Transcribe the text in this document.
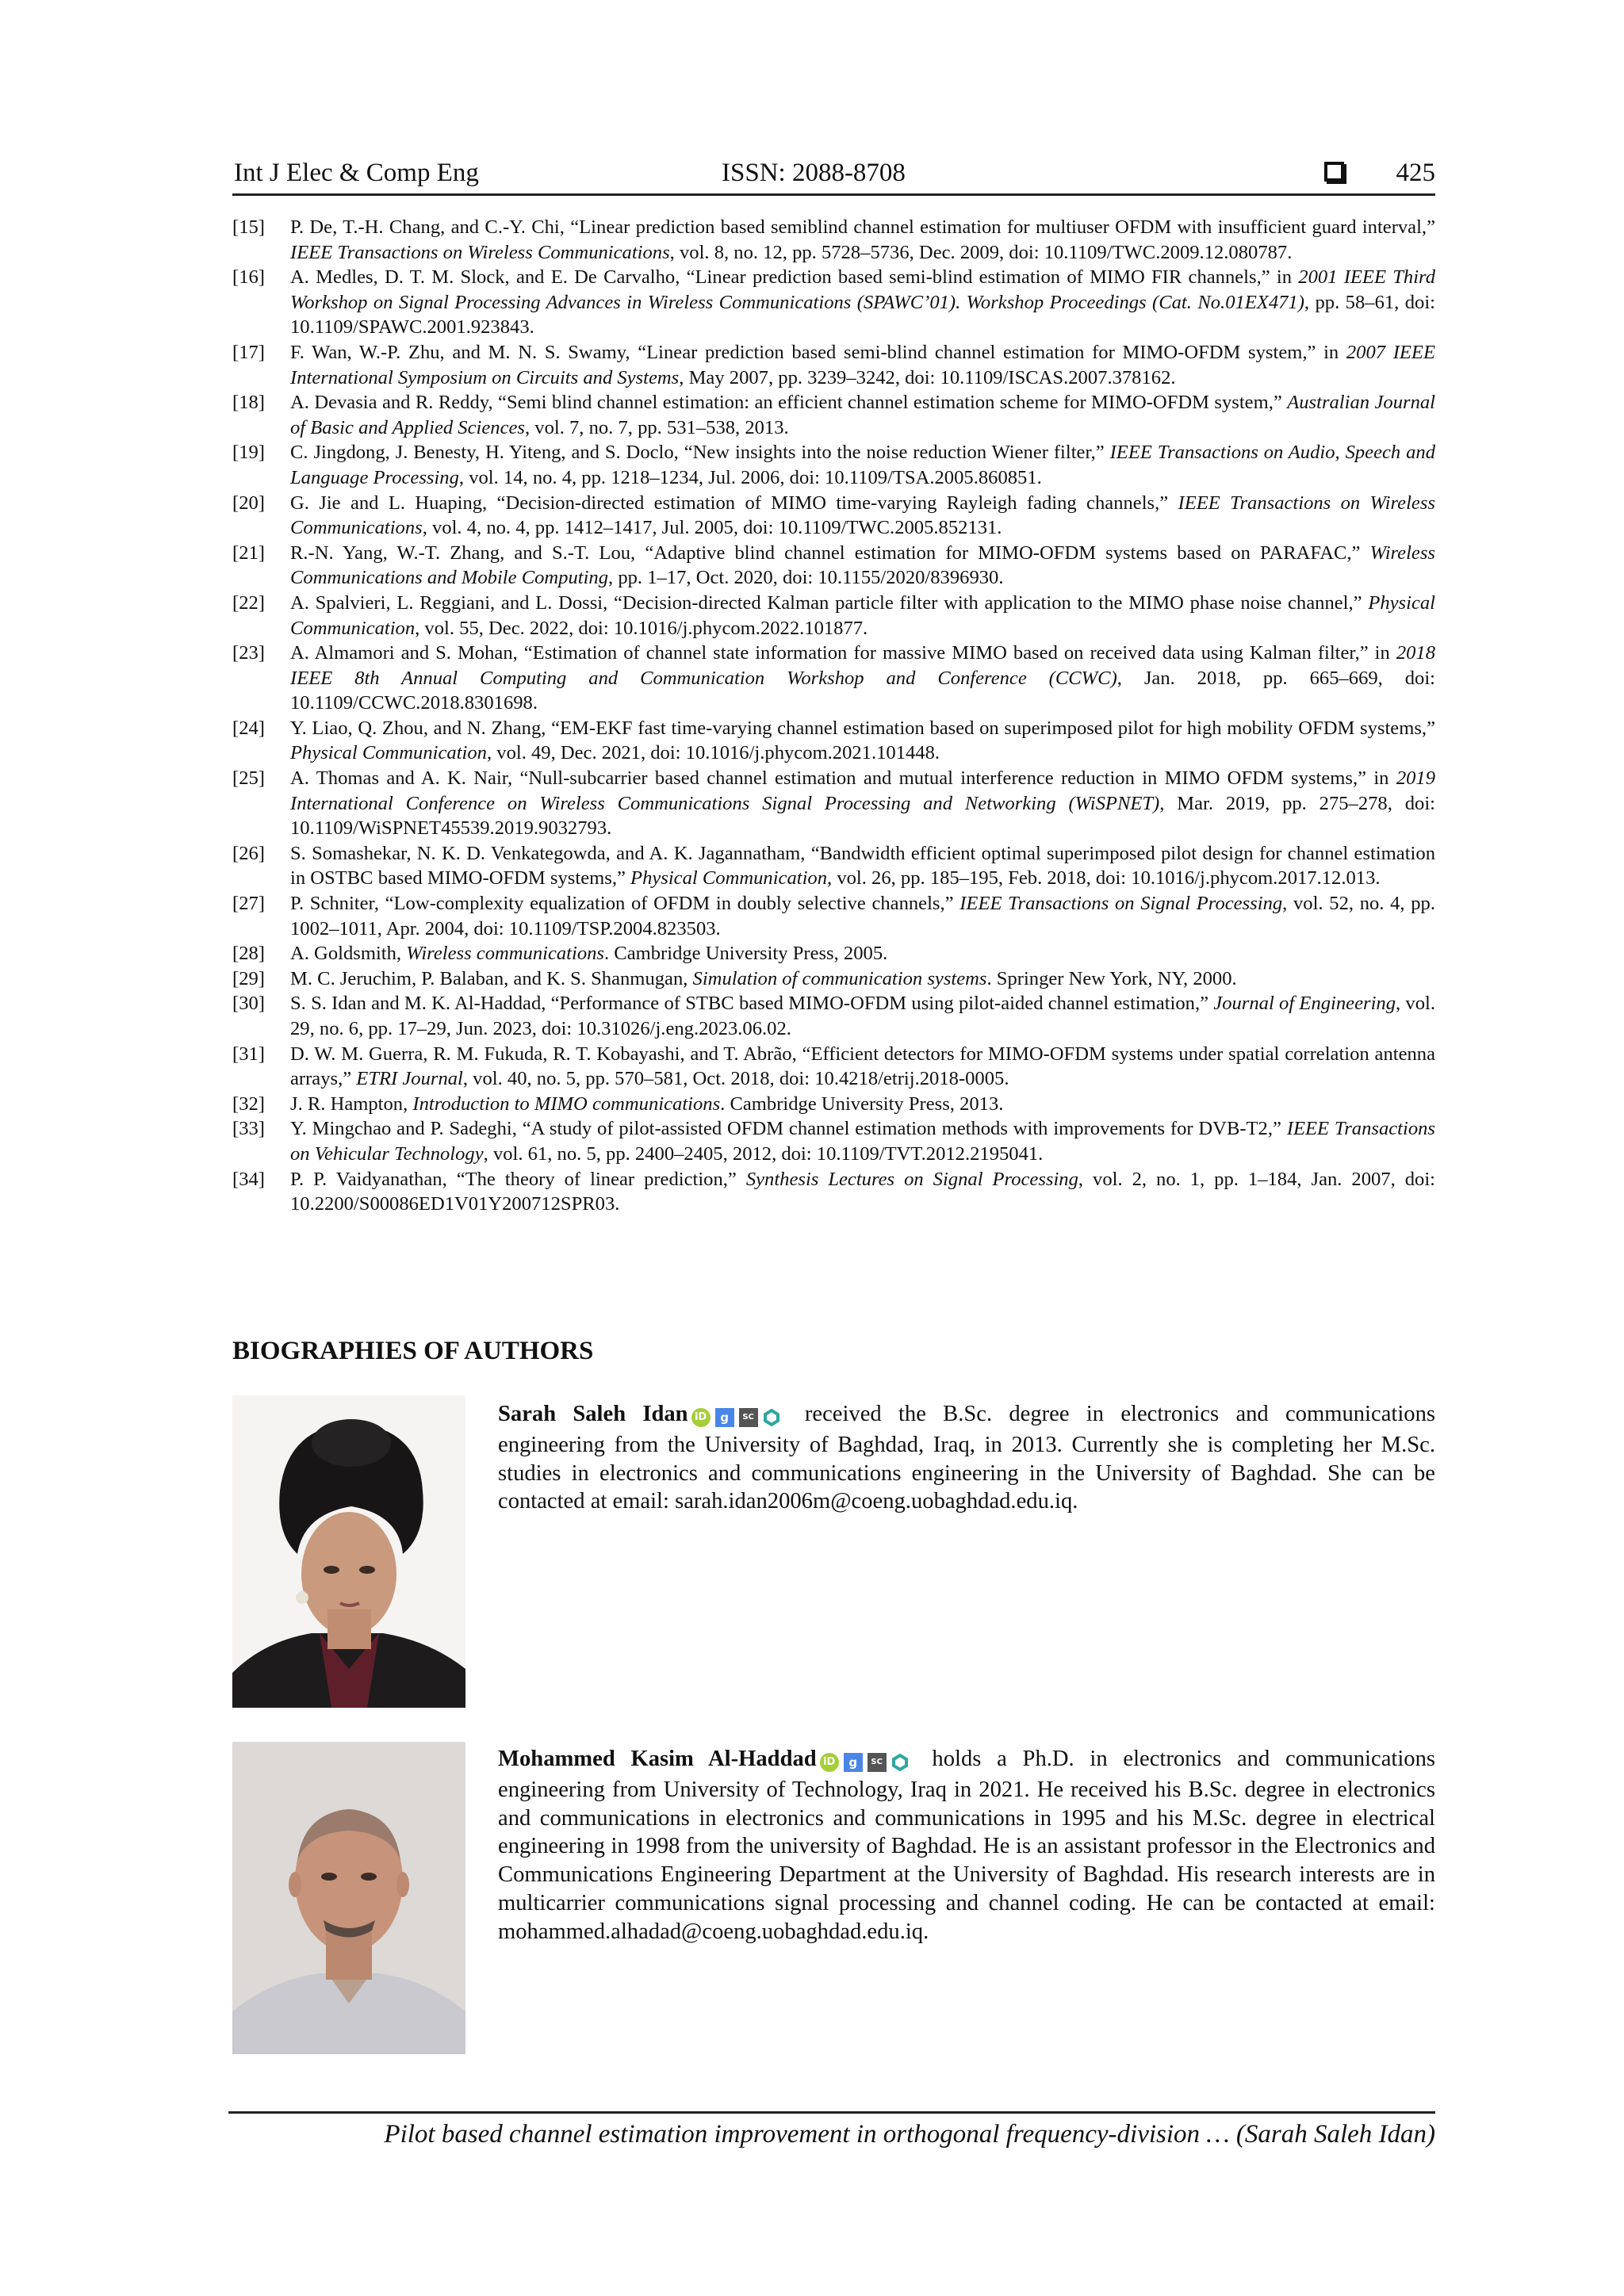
Int J Elec & Comp Eng	ISSN: 2088-8708	425
[15]	P. De, T.-H. Chang, and C.-Y. Chi, “Linear prediction based semiblind channel estimation for multiuser OFDM with insufficient guard interval,” IEEE Transactions on Wireless Communications, vol. 8, no. 12, pp. 5728–5736, Dec. 2009, doi: 10.1109/TWC.2009.12.080787.
[16]	A. Medles, D. T. M. Slock, and E. De Carvalho, “Linear prediction based semi-blind estimation of MIMO FIR channels,” in 2001 IEEE Third Workshop on Signal Processing Advances in Wireless Communications (SPAWC’01). Workshop Proceedings (Cat. No.01EX471), pp. 58–61, doi: 10.1109/SPAWC.2001.923843.
[17]	F. Wan, W.-P. Zhu, and M. N. S. Swamy, “Linear prediction based semi-blind channel estimation for MIMO-OFDM system,” in 2007 IEEE International Symposium on Circuits and Systems, May 2007, pp. 3239–3242, doi: 10.1109/ISCAS.2007.378162.
[18]	A. Devasia and R. Reddy, “Semi blind channel estimation: an efficient channel estimation scheme for MIMO-OFDM system,” Australian Journal of Basic and Applied Sciences, vol. 7, no. 7, pp. 531–538, 2013.
[19]	C. Jingdong, J. Benesty, H. Yiteng, and S. Doclo, “New insights into the noise reduction Wiener filter,” IEEE Transactions on Audio, Speech and Language Processing, vol. 14, no. 4, pp. 1218–1234, Jul. 2006, doi: 10.1109/TSA.2005.860851.
[20]	G. Jie and L. Huaping, “Decision-directed estimation of MIMO time-varying Rayleigh fading channels,” IEEE Transactions on Wireless Communications, vol. 4, no. 4, pp. 1412–1417, Jul. 2005, doi: 10.1109/TWC.2005.852131.
[21]	R.-N. Yang, W.-T. Zhang, and S.-T. Lou, “Adaptive blind channel estimation for MIMO-OFDM systems based on PARAFAC,” Wireless Communications and Mobile Computing, pp. 1–17, Oct. 2020, doi: 10.1155/2020/8396930.
[22]	A. Spalvieri, L. Reggiani, and L. Dossi, “Decision-directed Kalman particle filter with application to the MIMO phase noise channel,” Physical Communication, vol. 55, Dec. 2022, doi: 10.1016/j.phycom.2022.101877.
[23]	A. Almamori and S. Mohan, “Estimation of channel state information for massive MIMO based on received data using Kalman filter,” in 2018 IEEE 8th Annual Computing and Communication Workshop and Conference (CCWC), Jan. 2018, pp. 665–669, doi: 10.1109/CCWC.2018.8301698.
[24]	Y. Liao, Q. Zhou, and N. Zhang, “EM-EKF fast time-varying channel estimation based on superimposed pilot for high mobility OFDM systems,” Physical Communication, vol. 49, Dec. 2021, doi: 10.1016/j.phycom.2021.101448.
[25]	A. Thomas and A. K. Nair, “Null-subcarrier based channel estimation and mutual interference reduction in MIMO OFDM systems,” in 2019 International Conference on Wireless Communications Signal Processing and Networking (WiSPNET), Mar. 2019, pp. 275–278, doi: 10.1109/WiSPNET45539.2019.9032793.
[26]	S. Somashekar, N. K. D. Venkategowda, and A. K. Jagannatham, “Bandwidth efficient optimal superimposed pilot design for channel estimation in OSTBC based MIMO-OFDM systems,” Physical Communication, vol. 26, pp. 185–195, Feb. 2018, doi: 10.1016/j.phycom.2017.12.013.
[27]	P. Schniter, “Low-complexity equalization of OFDM in doubly selective channels,” IEEE Transactions on Signal Processing, vol. 52, no. 4, pp. 1002–1011, Apr. 2004, doi: 10.1109/TSP.2004.823503.
[28]	A. Goldsmith, Wireless communications. Cambridge University Press, 2005.
[29]	M. C. Jeruchim, P. Balaban, and K. S. Shanmugan, Simulation of communication systems. Springer New York, NY, 2000.
[30]	S. S. Idan and M. K. Al-Haddad, “Performance of STBC based MIMO-OFDM using pilot-aided channel estimation,” Journal of Engineering, vol. 29, no. 6, pp. 17–29, Jun. 2023, doi: 10.31026/j.eng.2023.06.02.
[31]	D. W. M. Guerra, R. M. Fukuda, R. T. Kobayashi, and T. Abrão, “Efficient detectors for MIMO-OFDM systems under spatial correlation antenna arrays,” ETRI Journal, vol. 40, no. 5, pp. 570–581, Oct. 2018, doi: 10.4218/etrij.2018-0005.
[32]	J. R. Hampton, Introduction to MIMO communications. Cambridge University Press, 2013.
[33]	Y. Mingchao and P. Sadeghi, “A study of pilot-assisted OFDM channel estimation methods with improvements for DVB-T2,” IEEE Transactions on Vehicular Technology, vol. 61, no. 5, pp. 2400–2405, 2012, doi: 10.1109/TVT.2012.2195041.
[34]	P. P. Vaidyanathan, “The theory of linear prediction,” Synthesis Lectures on Signal Processing, vol. 2, no. 1, pp. 1–184, Jan. 2007, doi: 10.2200/S00086ED1V01Y200712SPR03.
BIOGRAPHIES OF AUTHORS
Sarah Saleh Idan iD g SC received the B.Sc. degree in electronics and communications engineering from the University of Baghdad, Iraq, in 2013. Currently she is completing her M.Sc. studies in electronics and communications engineering in the University of Baghdad. She can be contacted at email: sarah.idan2006m@coeng.uobaghdad.edu.iq.
Mohammed Kasim Al-Haddad iD g SC holds a Ph.D. in electronics and communications engineering from University of Technology, Iraq in 2021. He received his B.Sc. degree in electronics and communications in electronics and communications in 1995 and his M.Sc. degree in electrical engineering in 1998 from the university of Baghdad. He is an assistant professor in the Electronics and Communications Engineering Department at the University of Baghdad. His research interests are in multicarrier communications signal processing and channel coding. He can be contacted at email: mohammed.alhadad@coeng.uobaghdad.edu.iq.
Pilot based channel estimation improvement in orthogonal frequency-division … (Sarah Saleh Idan)
